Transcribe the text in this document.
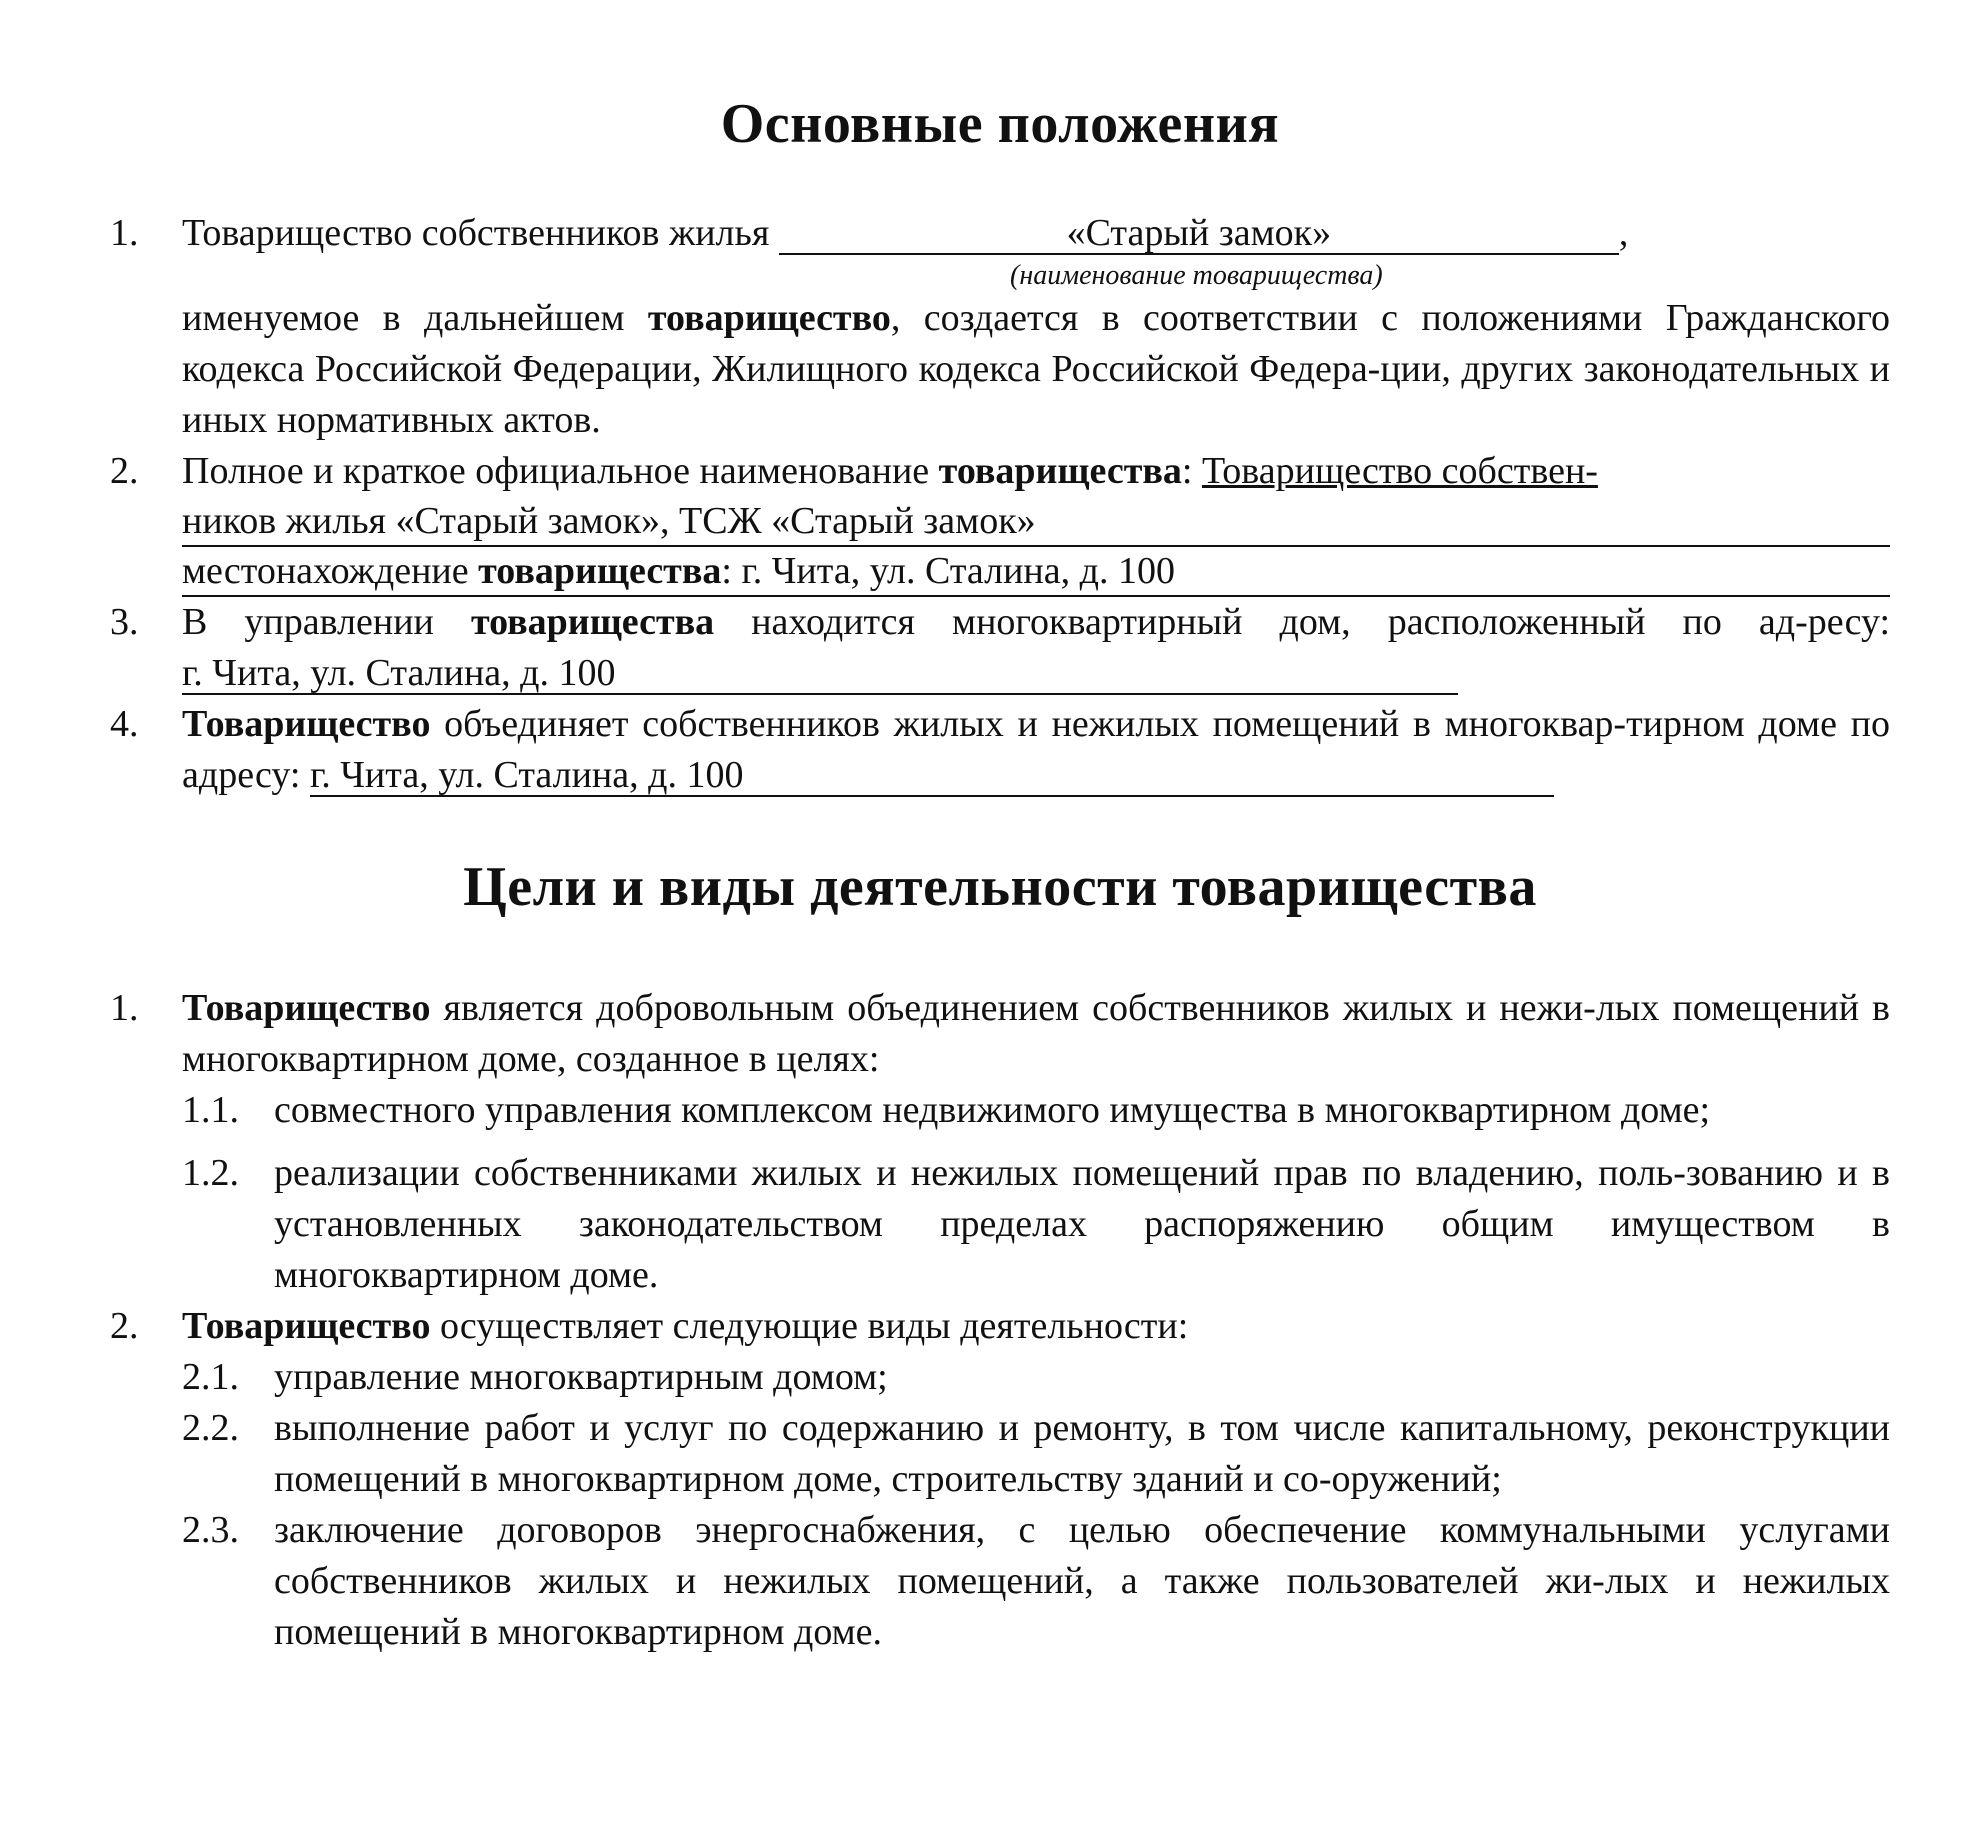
Основные положения
1. Товарищество собственников жилья	«Старый замок»	,
(наименование товарищества)
именуемое в дальнейшем товарищество, создается в соответствии с положениями Гражданского кодекса Российской Федерации, Жилищного кодекса Российской Федера-ции, других законодательных и иных нормативных актов.
2. Полное и краткое официальное наименование товарищества: Товарищество собствен-
ников жилья «Старый замок», ТСЖ «Старый замок»
местонахождение товарищества: г. Чита, ул. Сталина, д. 100
3. В управлении товарищества находится многоквартирный дом, расположенный по ад-ресу: г. Чита, ул. Сталина, д. 100
4. Товарищество объединяет собственников жилых и нежилых помещений в многоквар-тирном доме по адресу: г. Чита, ул. Сталина, д. 100
Цели и виды деятельности товарищества
1. Товарищество является добровольным объединением собственников жилых и нежи-лых помещений в многоквартирном доме, созданное в целях:
1.1. совместного управления комплексом недвижимого имущества в многоквартирном доме;
1.2. реализации собственниками жилых и нежилых помещений прав по владению, поль-зованию и в установленных законодательством пределах распоряжению общим имуществом в многоквартирном доме.
2. Товарищество осуществляет следующие виды деятельности:
2.1. управление многоквартирным домом;
2.2. выполнение работ и услуг по содержанию и ремонту, в том числе капитальному, реконструкции помещений в многоквартирном доме, строительству зданий и со-оружений;
2.3. заключение договоров энергоснабжения, с целью обеспечение коммунальными услугами собственников жилых и нежилых помещений, а также пользователей жи-лых и нежилых помещений в многоквартирном доме.
